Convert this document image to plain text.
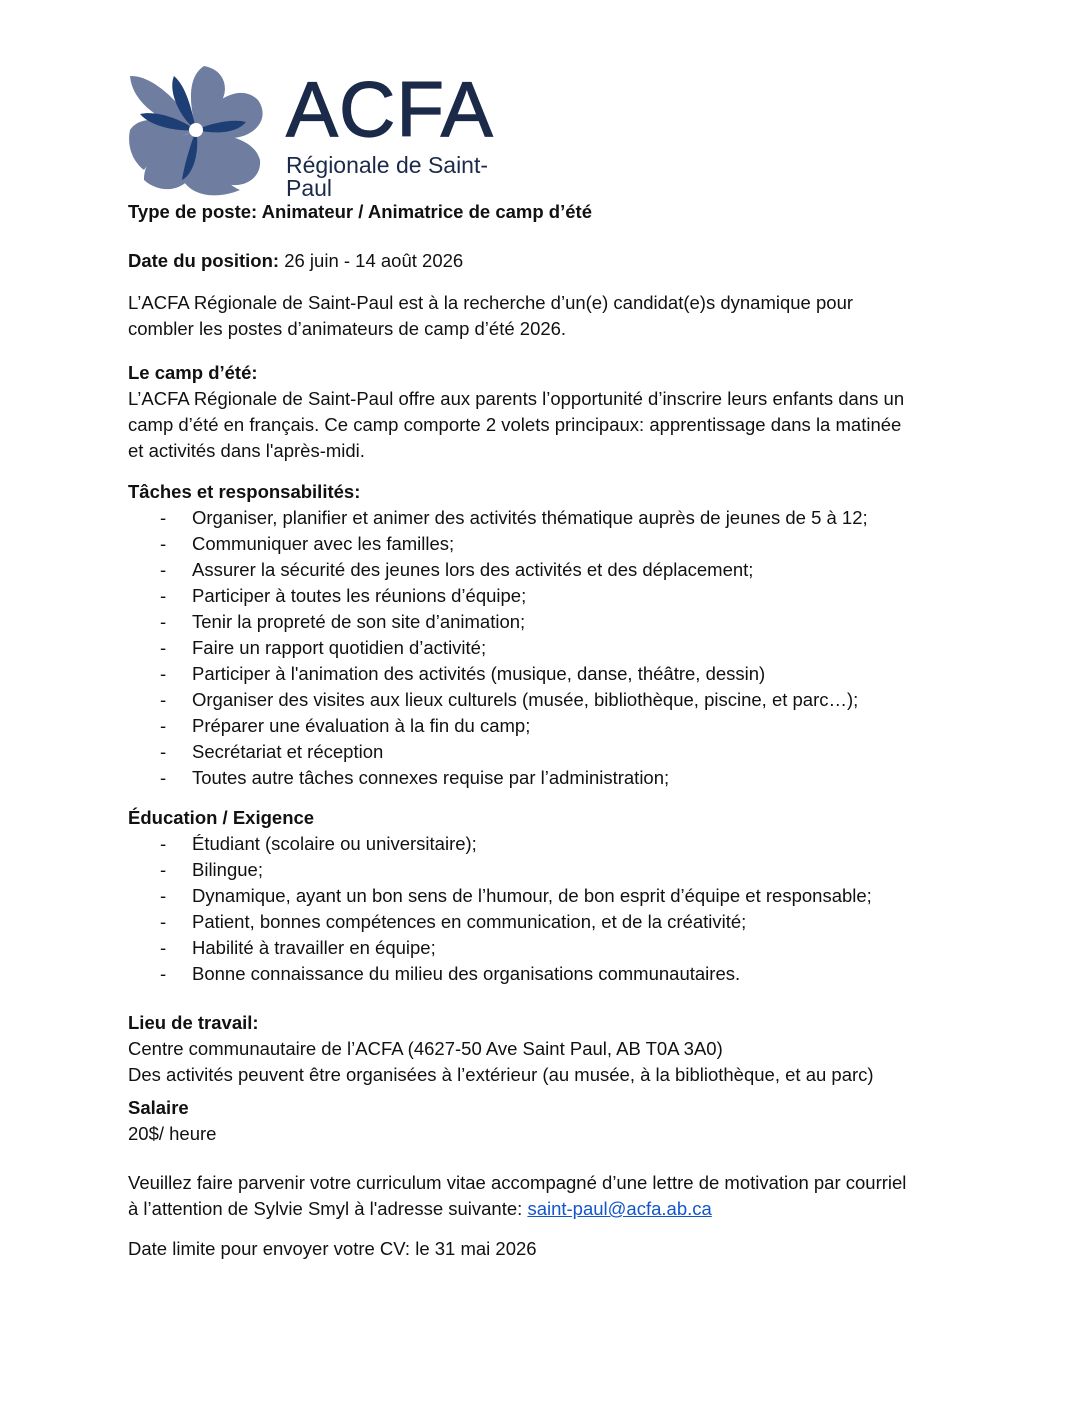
ACFA
Régionale de Saint-Paul
Type de poste: Animateur / Animatrice de camp d’été
Date du position: 26 juin - 14 août 2026
L’ACFA Régionale de Saint-Paul est à la recherche d’un(e) candidat(e)s dynamique pour
combler les postes d’animateurs de camp d’été 2026.
Le camp d’été:
L’ACFA Régionale de Saint-Paul offre aux parents l’opportunité d’inscrire leurs enfants dans un
camp d’été en français. Ce camp comporte 2 volets principaux: apprentissage dans la matinée
et activités dans l'après-midi.
Tâches et responsabilités:
- Organiser, planifier et animer des activités thématique auprès de jeunes de 5 à 12;
- Communiquer avec les familles;
- Assurer la sécurité des jeunes lors des activités et des déplacement;
- Participer à toutes les réunions d’équipe;
- Tenir la propreté de son site d’animation;
- Faire un rapport quotidien d’activité;
- Participer à l'animation des activités (musique, danse, théâtre, dessin)
- Organiser des visites aux lieux culturels (musée, bibliothèque, piscine, et parc…);
- Préparer une évaluation à la fin du camp;
- Secrétariat et réception
- Toutes autre tâches connexes requise par l’administration;
Éducation / Exigence
- Étudiant (scolaire ou universitaire);
- Bilingue;
- Dynamique, ayant un bon sens de l’humour, de bon esprit d’équipe et responsable;
- Patient, bonnes compétences en communication, et de la créativité;
- Habilité à travailler en équipe;
- Bonne connaissance du milieu des organisations communautaires.
Lieu de travail:
Centre communautaire de l’ACFA (4627-50 Ave Saint Paul, AB T0A 3A0)
Des activités peuvent être organisées à l’extérieur (au musée, à la bibliothèque, et au parc)
Salaire
20$/ heure
Veuillez faire parvenir votre curriculum vitae accompagné d’une lettre de motivation par courriel
à l’attention de Sylvie Smyl à l'adresse suivante: saint-paul@acfa.ab.ca
Date limite pour envoyer votre CV: le 31 mai 2026
